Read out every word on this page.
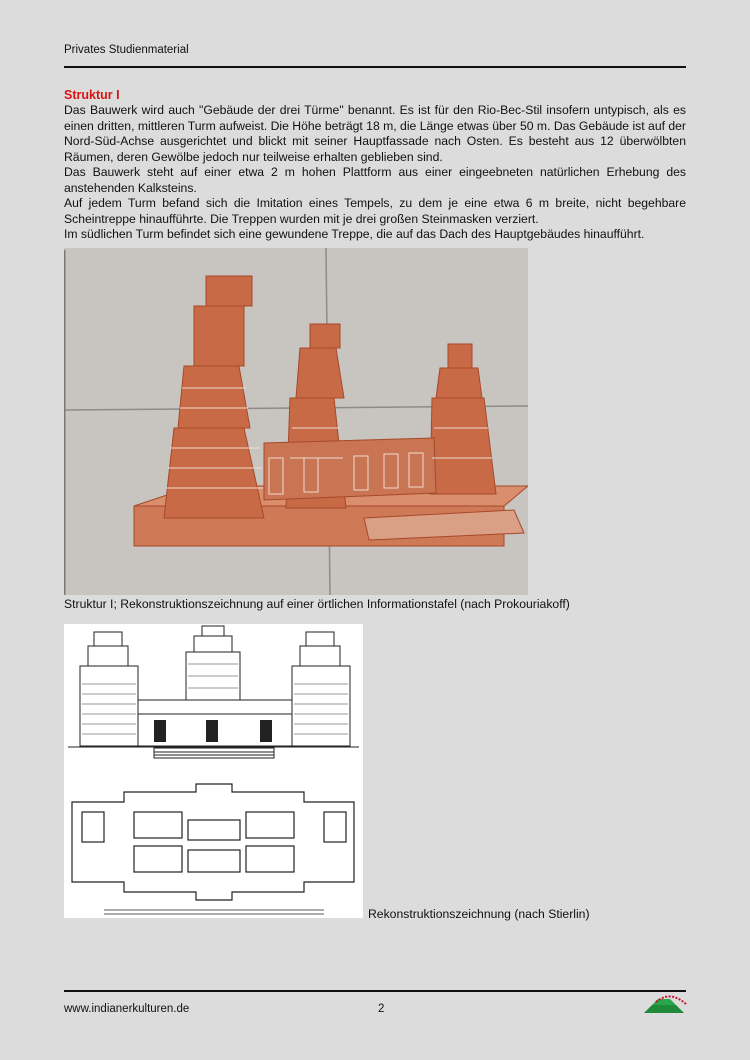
Privates Studienmaterial
Struktur I

Das Bauwerk wird auch "Gebäude der drei Türme" benannt. Es ist für den Rio-Bec-Stil insofern untypisch, als es einen dritten, mittleren Turm aufweist. Die Höhe beträgt 18 m, die Länge etwas über 50 m. Das Gebäude ist auf der Nord-Süd-Achse ausgerichtet und blickt mit seiner Hauptfassade nach Osten. Es besteht aus 12 überwölbten Räumen, deren Gewölbe jedoch nur teilweise erhalten geblieben sind.

Das Bauwerk steht auf einer etwa 2 m hohen Plattform aus einer eingeebneten natürlichen Erhebung des anstehenden Kalksteins.

Auf jedem Turm befand sich die Imitation eines Tempels, zu dem je eine etwa 6 m breite, nicht begehbare Scheintreppe hinaufführte. Die Treppen wurden mit je drei großen Steinmasken verziert.

Im südlichen Turm befindet sich eine gewundene Treppe, die auf das Dach des Hauptgebäudes hinaufführt.

Struktur I; Rekonstruktionszeichnung auf einer örtlichen Informationstafel (nach Prokouriakoff)
Rekonstruktionszeichnung (nach Stierlin)
www.indianerkulturen.de	2
